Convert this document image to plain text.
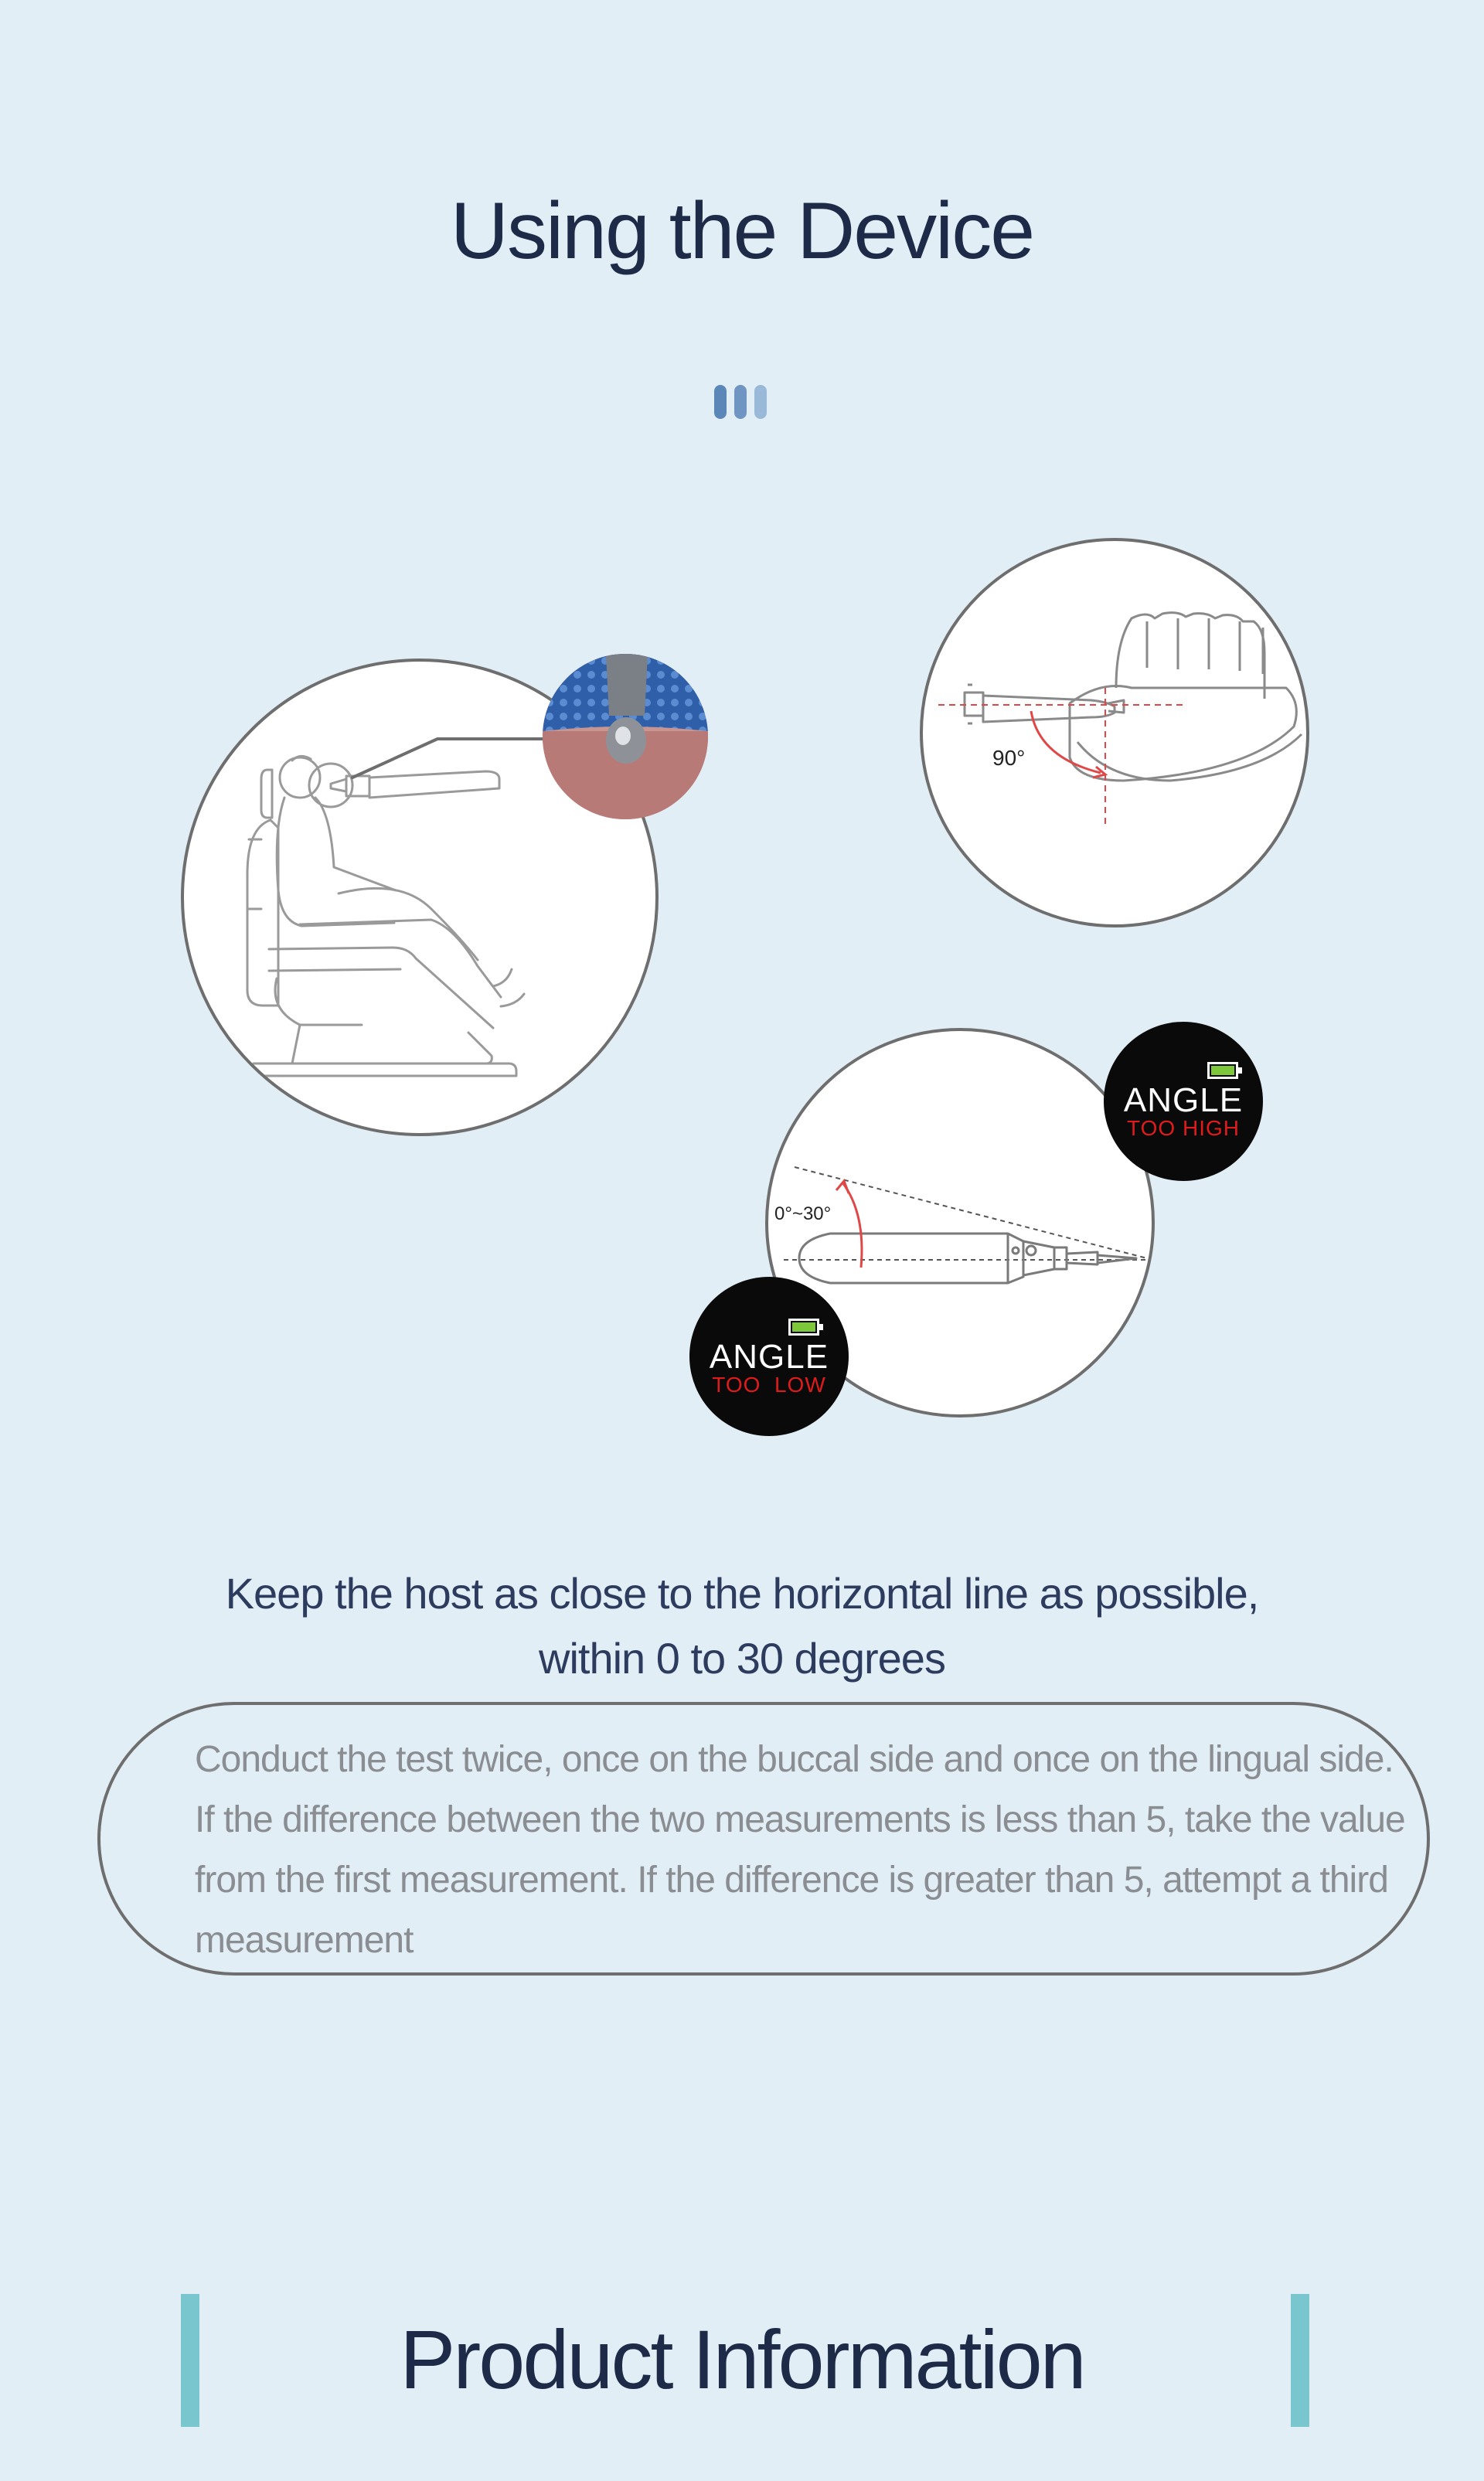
Using the Device
90°
0°~30°
ANGLE
TOO HIGH
ANGLE
TOO  LOW
Keep the host as close to the horizontal line as possible,
within 0 to 30 degrees
Conduct the test twice, once on the buccal side and once on the lingual side. If the difference between the two measurements is less than 5, take the value from the first measurement. If the difference is greater than 5, attempt a third measurement
Product Information
